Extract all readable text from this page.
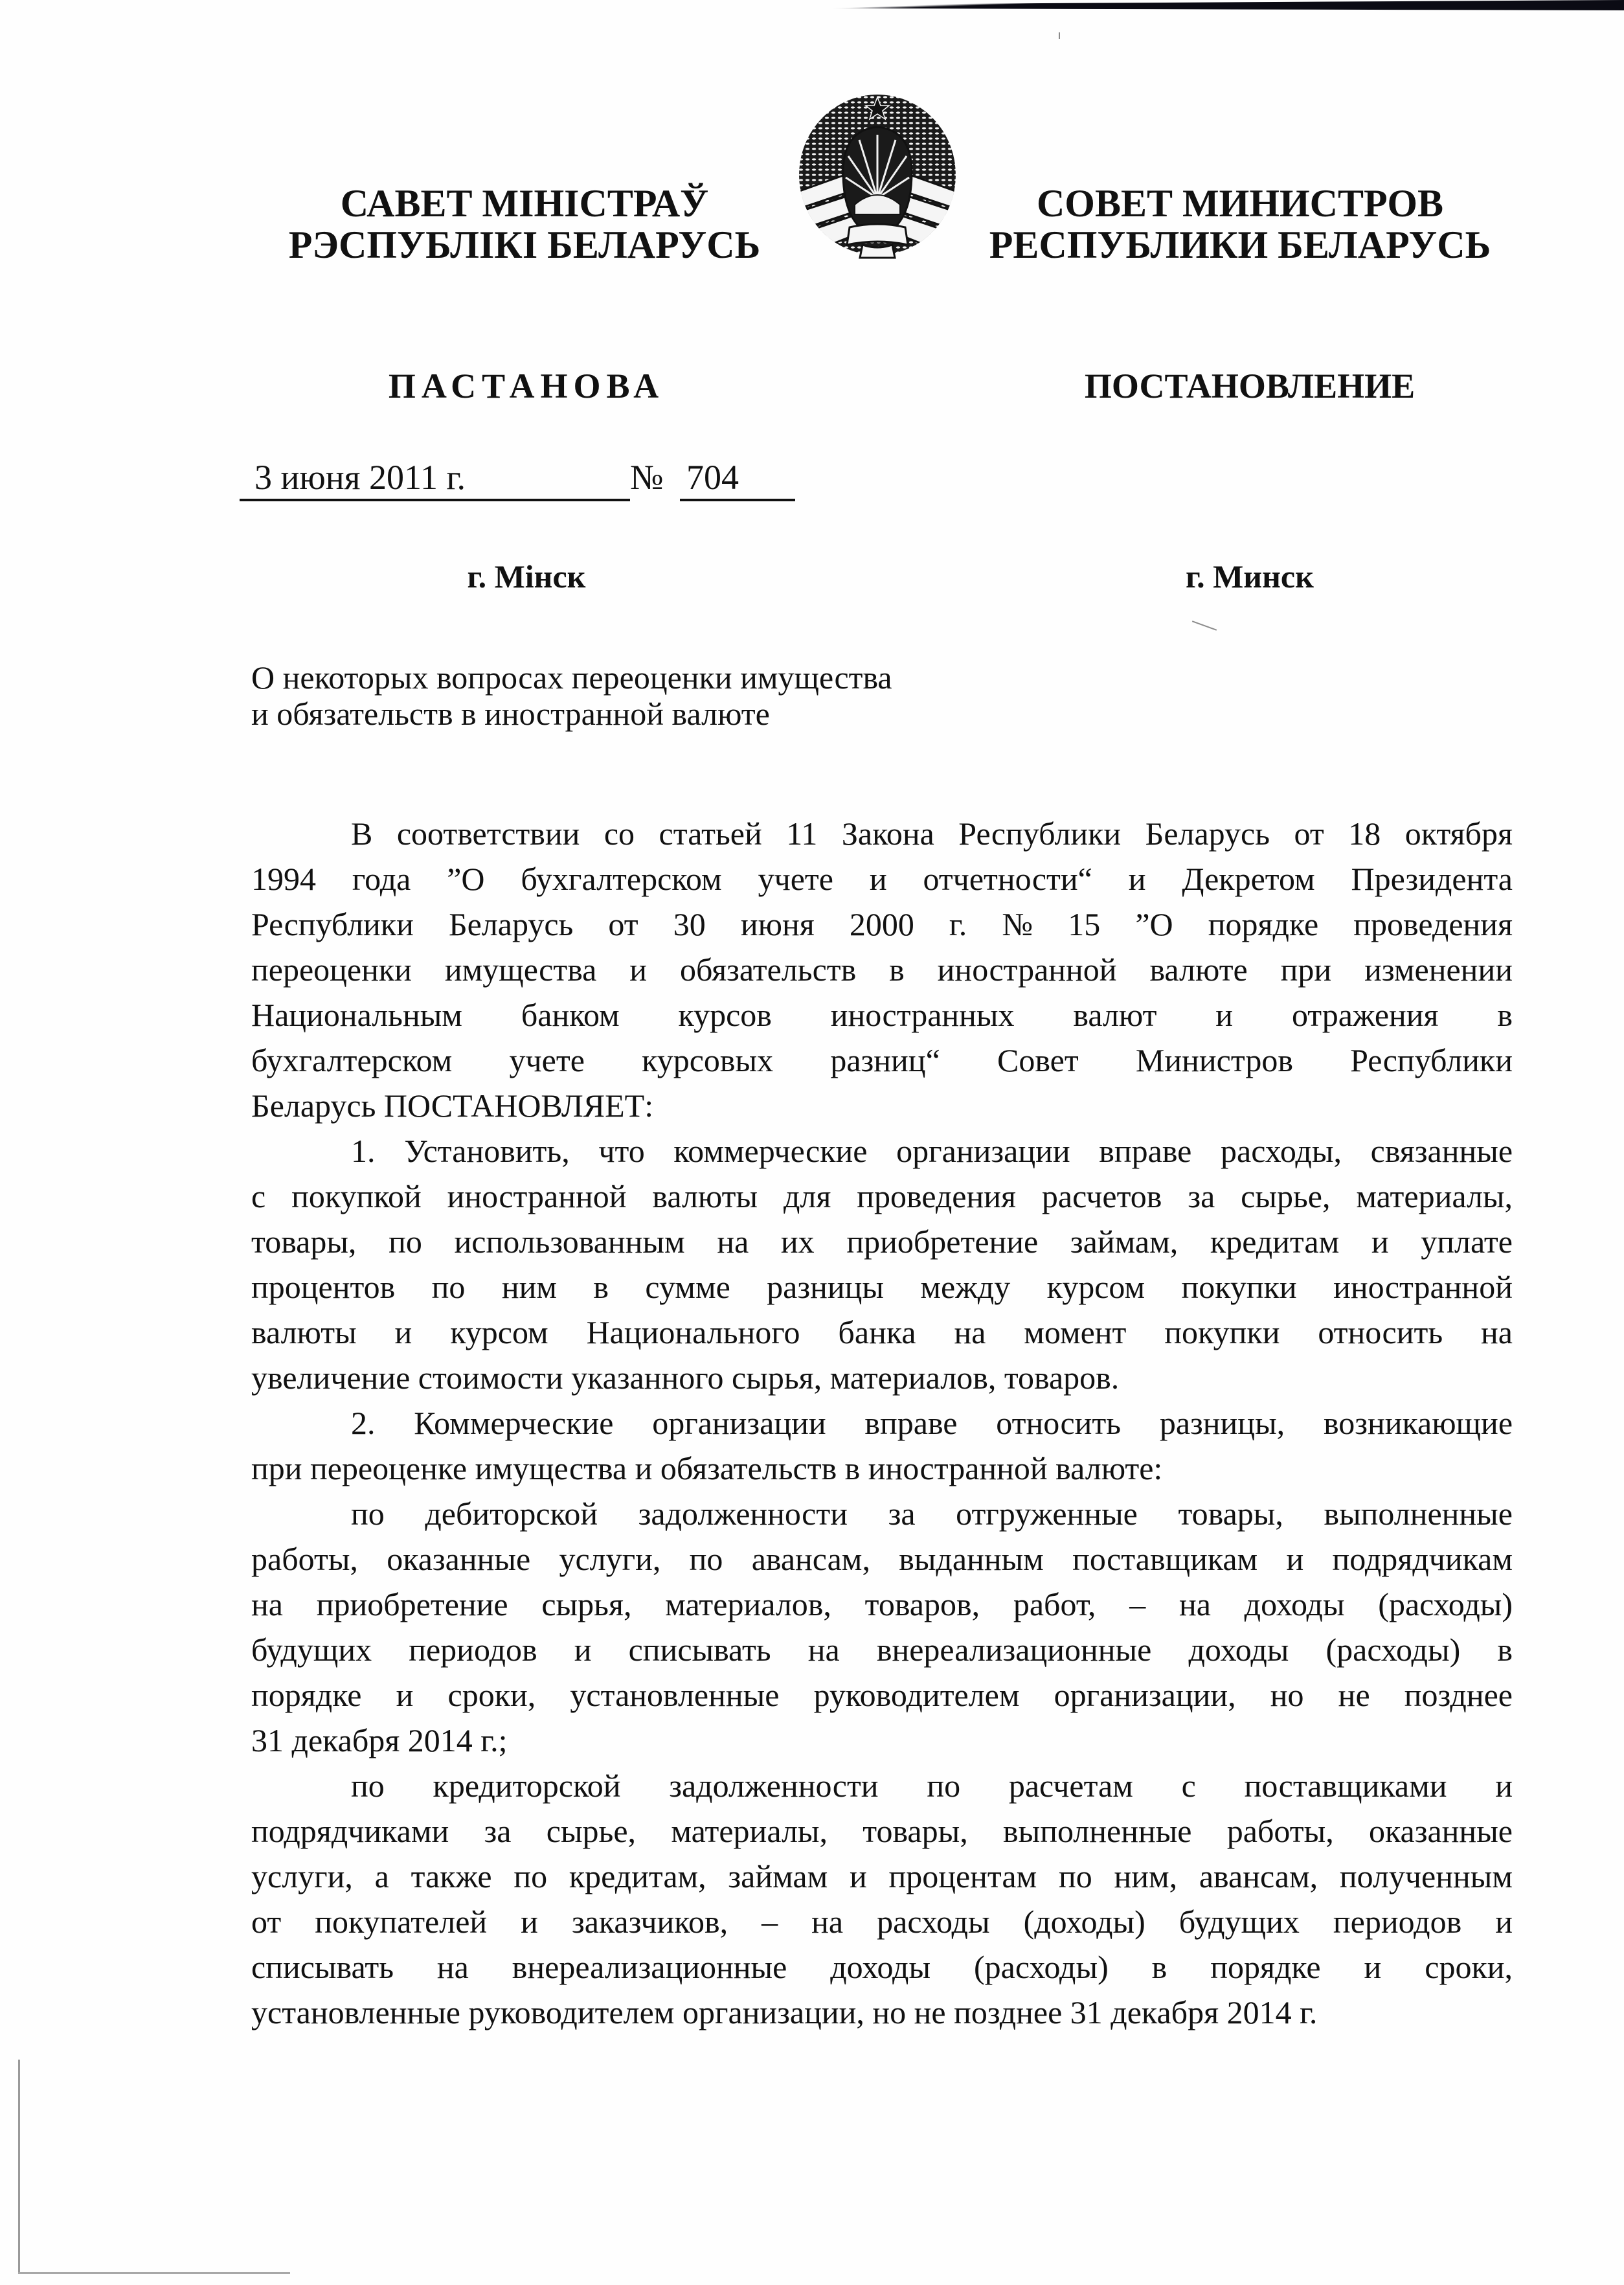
САВЕТ МІНІСТРАЎ
РЭСПУБЛІКІ БЕЛАРУСЬ
СОВЕТ МИНИСТРОВ
РЕСПУБЛИКИ БЕЛАРУСЬ
ПАСТАНОВА	ПОСТАНОВЛЕНИЕ
3 июня 2011 г.	№ 704
г. Мінск	г. Минск
О некоторых вопросах переоценки имущества
и обязательств в иностранной валюте
В соответствии со статьей 11 Закона Республики Беларусь от 18 октября
1994 года ”О бухгалтерском учете и отчетности“ и Декретом Президента
Республики Беларусь от 30 июня 2000 г. № 15 ”О порядке проведения
переоценки имущества и обязательств в иностранной валюте при изменении
Национальным банком курсов иностранных валют и отражения в
бухгалтерском учете курсовых разниц“ Совет Министров Республики
Беларусь ПОСТАНОВЛЯЕТ:
1. Установить, что коммерческие организации вправе расходы, связанные
с покупкой иностранной валюты для проведения расчетов за сырье, материалы,
товары, по использованным на их приобретение займам, кредитам и уплате
процентов по ним в сумме разницы между курсом покупки иностранной
валюты и курсом Национального банка на момент покупки относить на
увеличение стоимости указанного сырья, материалов, товаров.
2. Коммерческие организации вправе относить разницы, возникающие
при переоценке имущества и обязательств в иностранной валюте:
по дебиторской задолженности за отгруженные товары, выполненные
работы, оказанные услуги, по авансам, выданным поставщикам и подрядчикам
на приобретение сырья, материалов, товаров, работ, – на доходы (расходы)
будущих периодов и списывать на внереализационные доходы (расходы) в
порядке и сроки, установленные руководителем организации, но не позднее
31 декабря 2014 г.;
по кредиторской задолженности по расчетам с поставщиками и
подрядчиками за сырье, материалы, товары, выполненные работы, оказанные
услуги, а также по кредитам, займам и процентам по ним, авансам, полученным
от покупателей и заказчиков, – на расходы (доходы) будущих периодов и
списывать на внереализационные доходы (расходы) в порядке и сроки,
установленные руководителем организации, но не позднее 31 декабря 2014 г.
